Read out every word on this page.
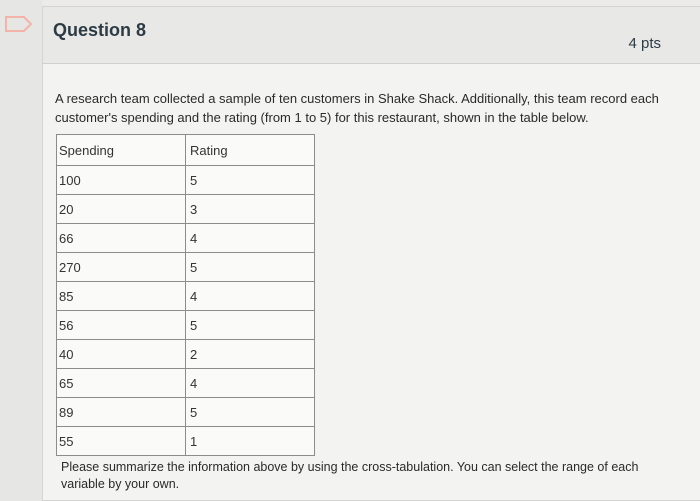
Question 8
4 pts
A research team collected a sample of ten customers in Shake Shack. Additionally, this team record each customer's spending and the rating (from 1 to 5) for this restaurant, shown in the table below.
Spending	Rating
100	5
20	3
66	4
270	5
85	4
56	5
40	2
65	4
89	5
55	1
Please summarize the information above by using the cross-tabulation. You can select the range of each variable by your own.
